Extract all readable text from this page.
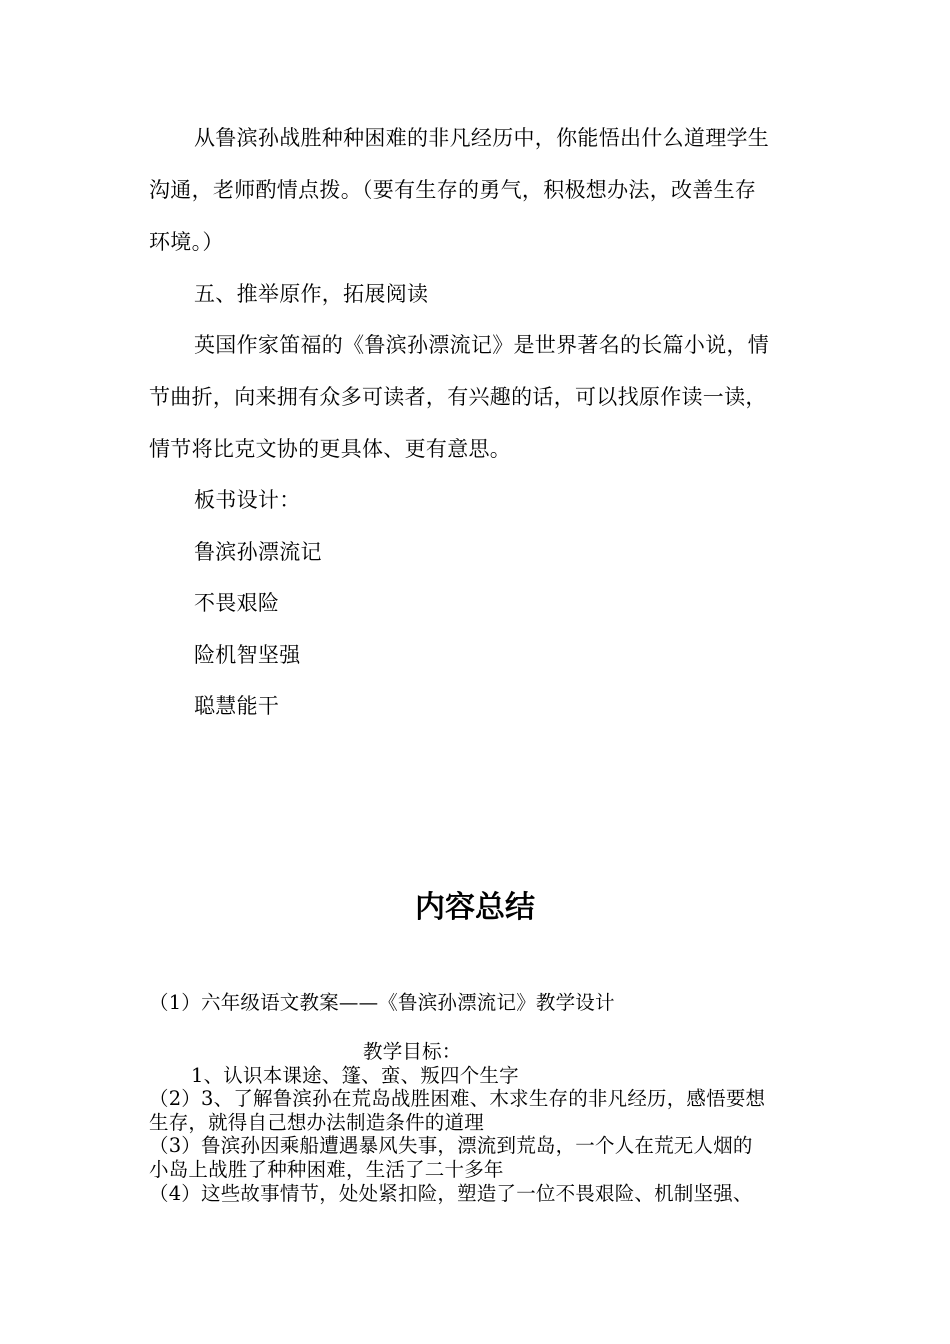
从鲁滨孙战胜种种困难的非凡经历中，你能悟出什么道理学生

沟通，老师酌情点拨。（要有生存的勇气，积极想办法，改善生存

环境。）

五、推举原作，拓展阅读

英国作家笛福的《鲁滨孙漂流记》是世界著名的长篇小说，情

节曲折，向来拥有众多可读者，有兴趣的话，可以找原作读一读，

情节将比克文协的更具体、更有意思。

板书设计：

鲁滨孙漂流记

不畏艰险

险机智坚强

聪慧能干

内容总结

（1）六年级语文教案——《鲁滨孙漂流记》教学设计

教学目标：

1、认识本课途、篷、蛮、叛四个生字

（2）3、了解鲁滨孙在荒岛战胜困难、木求生存的非凡经历，感悟要想

生存，就得自己想办法制造条件的道理

（3）鲁滨孙因乘船遭遇暴风失事，漂流到荒岛，一个人在荒无人烟的

小岛上战胜了种种困难，生活了二十多年

（4）这些故事情节，处处紧扣险，塑造了一位不畏艰险、机制坚强、
